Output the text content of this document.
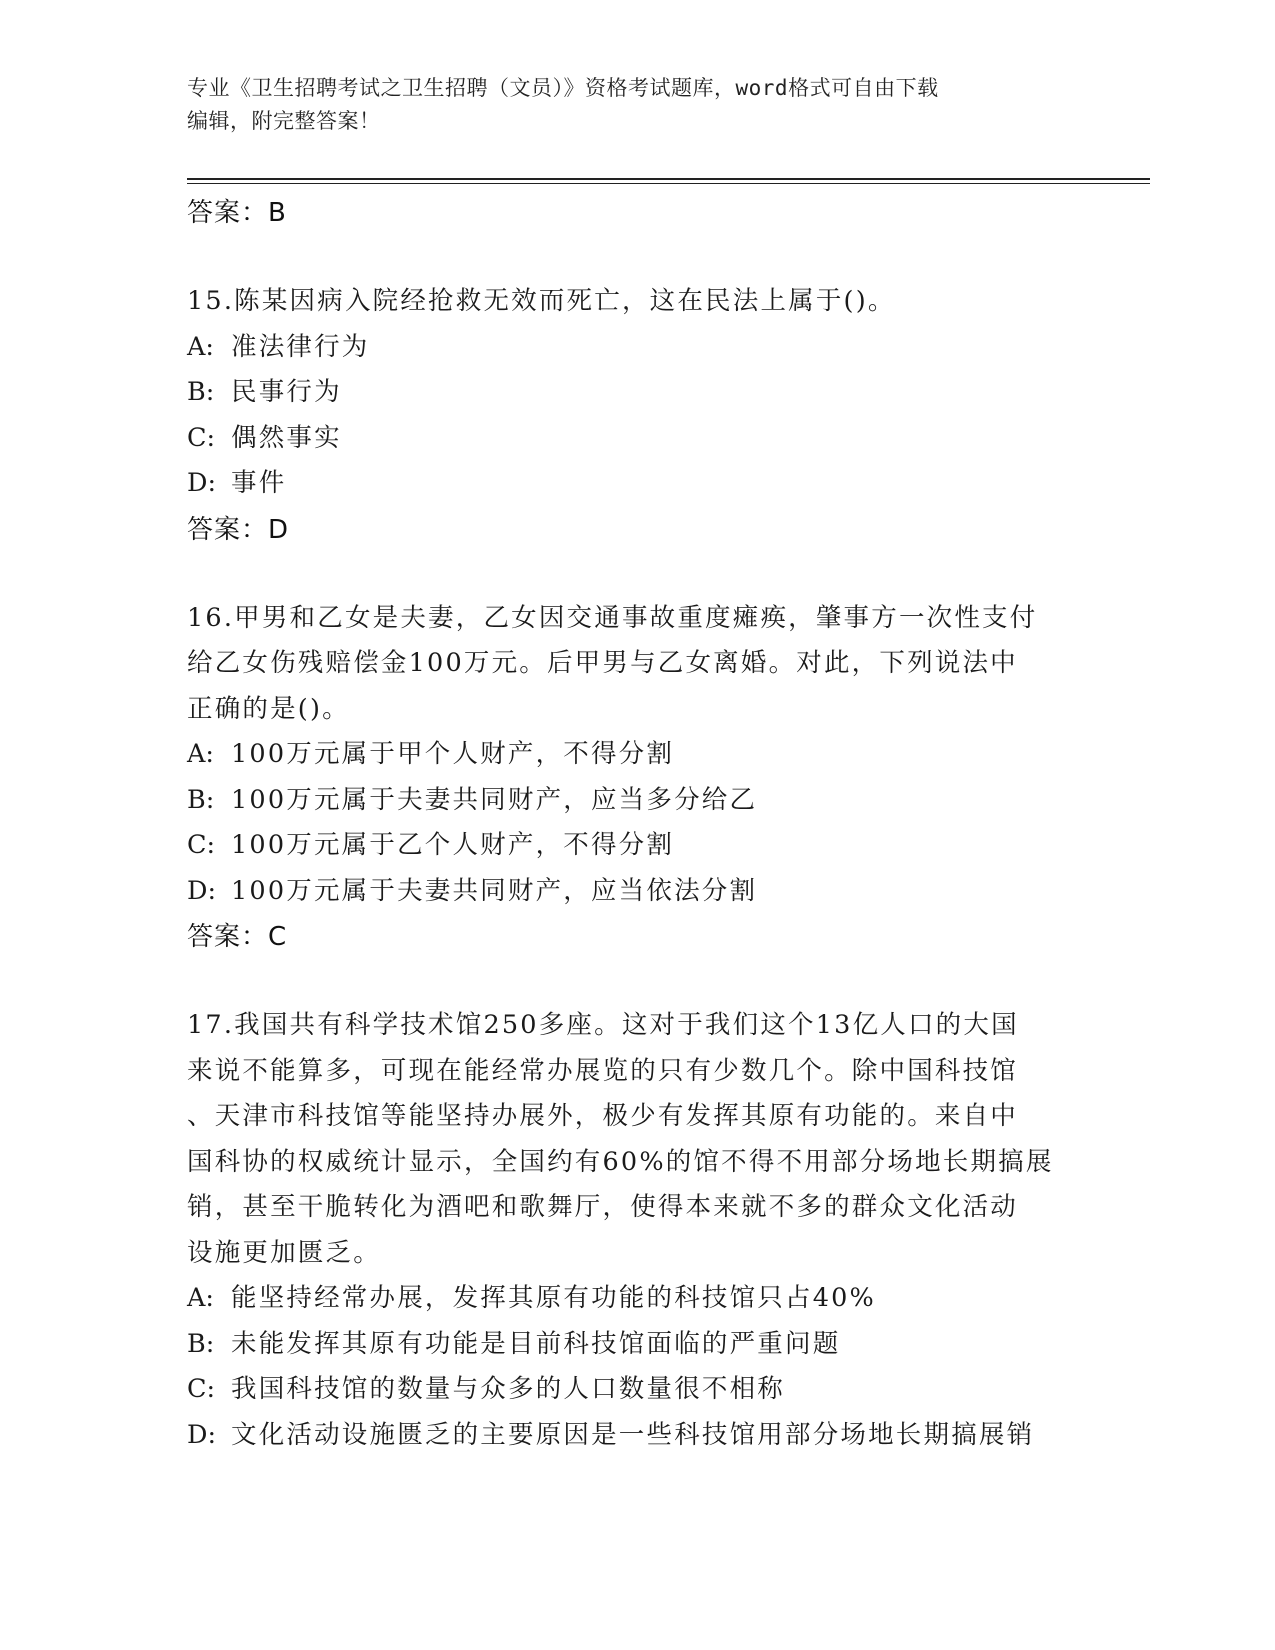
专业《卫生招聘考试之卫生招聘（文员）》资格考试题库，word格式可自由下载
编辑，附完整答案！
答案：B
15.陈某因病入院经抢救无效而死亡，这在民法上属于()。
A: 准法律行为
B: 民事行为
C: 偶然事实
D: 事件
答案：D
16.甲男和乙女是夫妻，乙女因交通事故重度瘫痪，肇事方一次性支付
给乙女伤残赔偿金100万元。后甲男与乙女离婚。对此，下列说法中
正确的是()。
A: 100万元属于甲个人财产，不得分割
B: 100万元属于夫妻共同财产，应当多分给乙
C: 100万元属于乙个人财产，不得分割
D: 100万元属于夫妻共同财产，应当依法分割
答案：C
17.我国共有科学技术馆250多座。这对于我们这个13亿人口的大国
来说不能算多，可现在能经常办展览的只有少数几个。除中国科技馆
、天津市科技馆等能坚持办展外，极少有发挥其原有功能的。来自中
国科协的权威统计显示，全国约有60%的馆不得不用部分场地长期搞展
销，甚至干脆转化为酒吧和歌舞厅，使得本来就不多的群众文化活动
设施更加匮乏。
A: 能坚持经常办展，发挥其原有功能的科技馆只占40%
B: 未能发挥其原有功能是目前科技馆面临的严重问题
C: 我国科技馆的数量与众多的人口数量很不相称
D: 文化活动设施匮乏的主要原因是一些科技馆用部分场地长期搞展销
